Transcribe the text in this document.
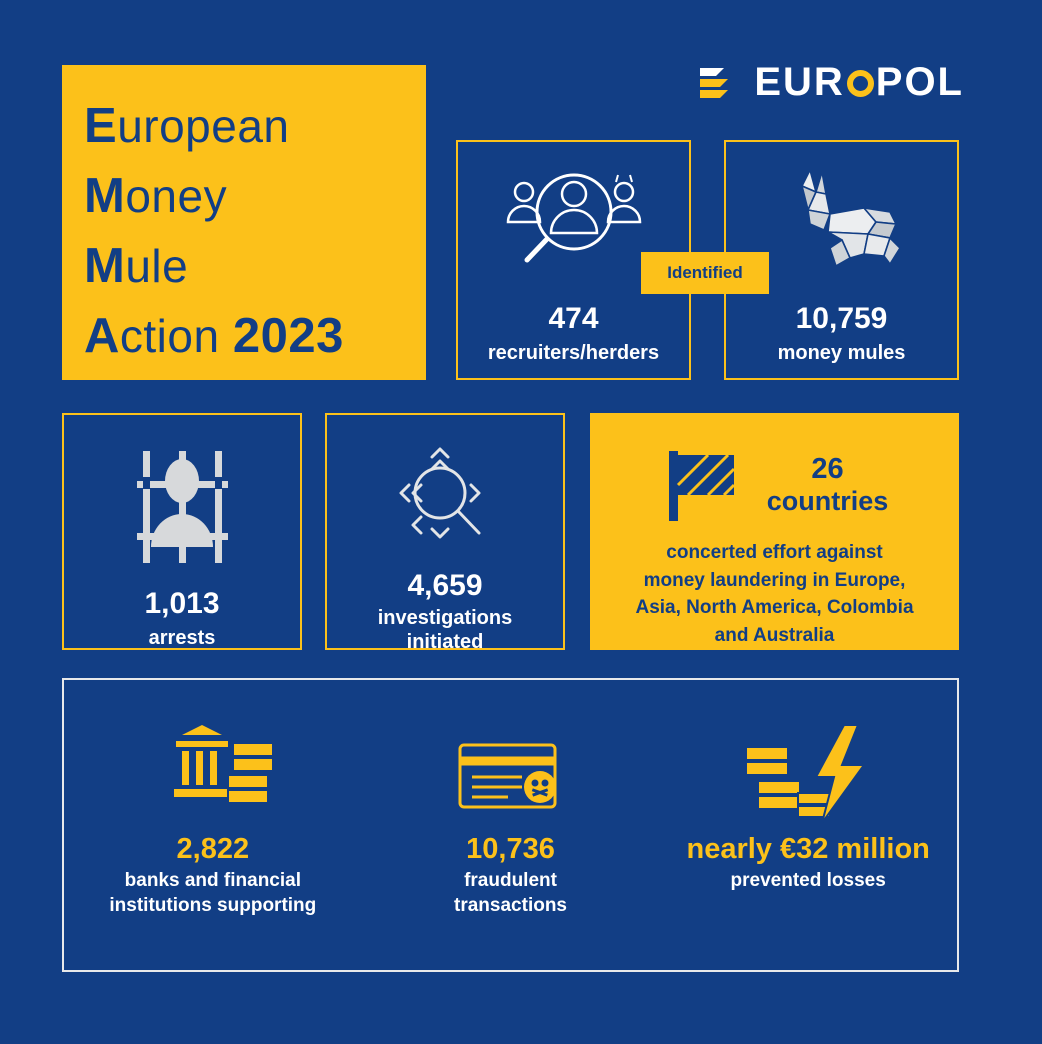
European
Money
Mule
Action 2023
EUR POL
474
recruiters/herders
Identified
10,759
money mules
1,013
arrests
4,659
investigations
initiated
26
countries
concerted effort against
money laundering in Europe,
Asia, North America, Colombia
and Australia
2,822
banks and financial
institutions supporting
10,736
fraudulent
transactions
nearly €32 million
prevented losses
